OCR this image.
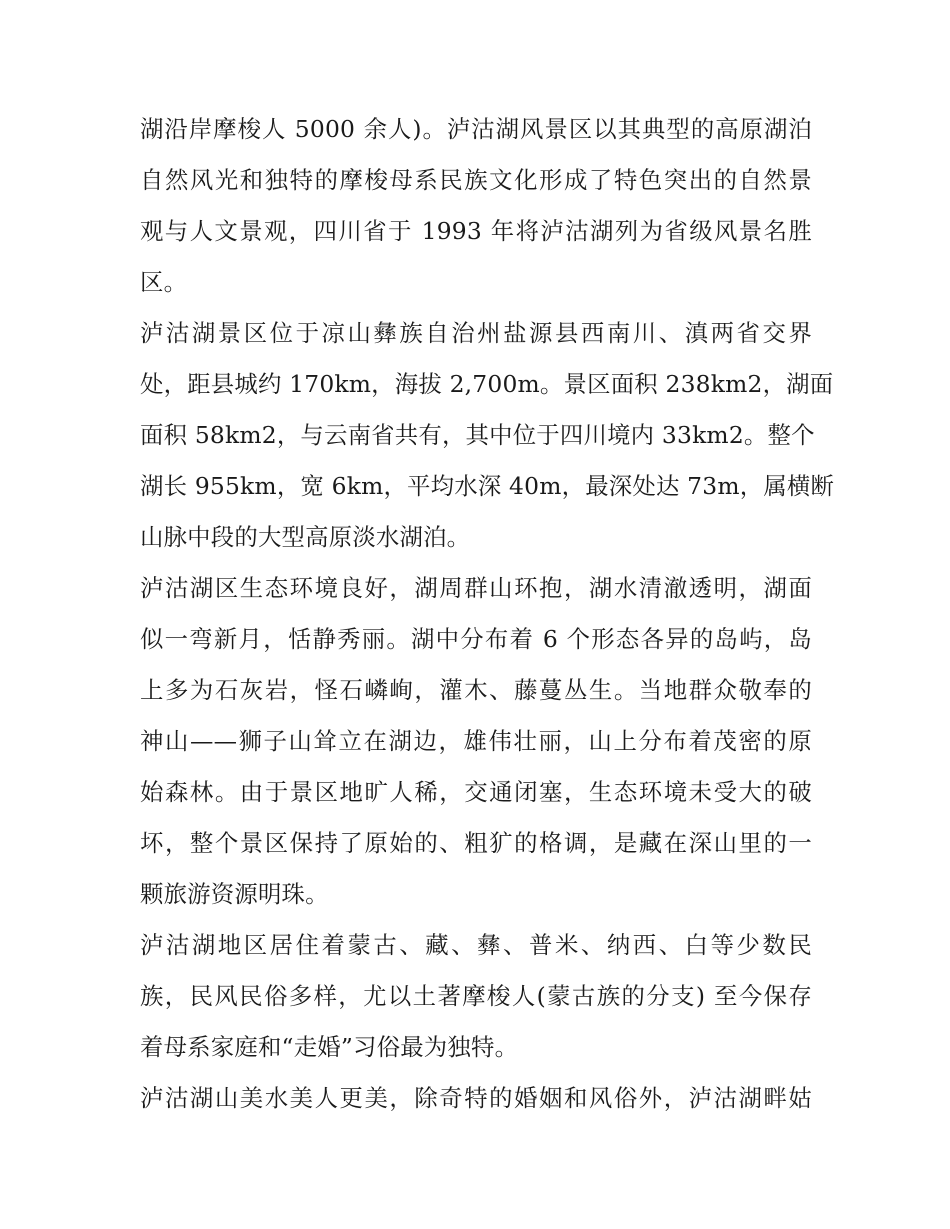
湖沿岸摩梭人 5000 余人)。泸沽湖风景区以其典型的高原湖泊
自然风光和独特的摩梭母系民族文化形成了特色突出的自然景
观与人文景观，四川省于 1993 年将泸沽湖列为省级风景名胜
区。

泸沽湖景区位于凉山彝族自治州盐源县西南川、滇两省交界
处，距县城约 170km，海拔 2,700m。景区面积 238km2，湖面
面积 58km2，与云南省共有，其中位于四川境内 33km2。整个
湖长 955km，宽 6km，平均水深 40m，最深处达 73m，属横断
山脉中段的大型高原淡水湖泊。

泸沽湖区生态环境良好，湖周群山环抱，湖水清澈透明，湖面
似一弯新月，恬静秀丽。湖中分布着 6 个形态各异的岛屿，岛
上多为石灰岩，怪石嶙峋，灌木、藤蔓丛生。当地群众敬奉的
神山——狮子山耸立在湖边，雄伟壮丽，山上分布着茂密的原
始森林。由于景区地旷人稀，交通闭塞，生态环境未受大的破
坏，整个景区保持了原始的、粗犷的格调，是藏在深山里的一
颗旅游资源明珠。

泸沽湖地区居住着蒙古、藏、彝、普米、纳西、白等少数民
族，民风民俗多样，尤以土著摩梭人(蒙古族的分支) 至今保存
着母系家庭和“走婚”习俗最为独特。

泸沽湖山美水美人更美，除奇特的婚姻和风俗外，泸沽湖畔姑
